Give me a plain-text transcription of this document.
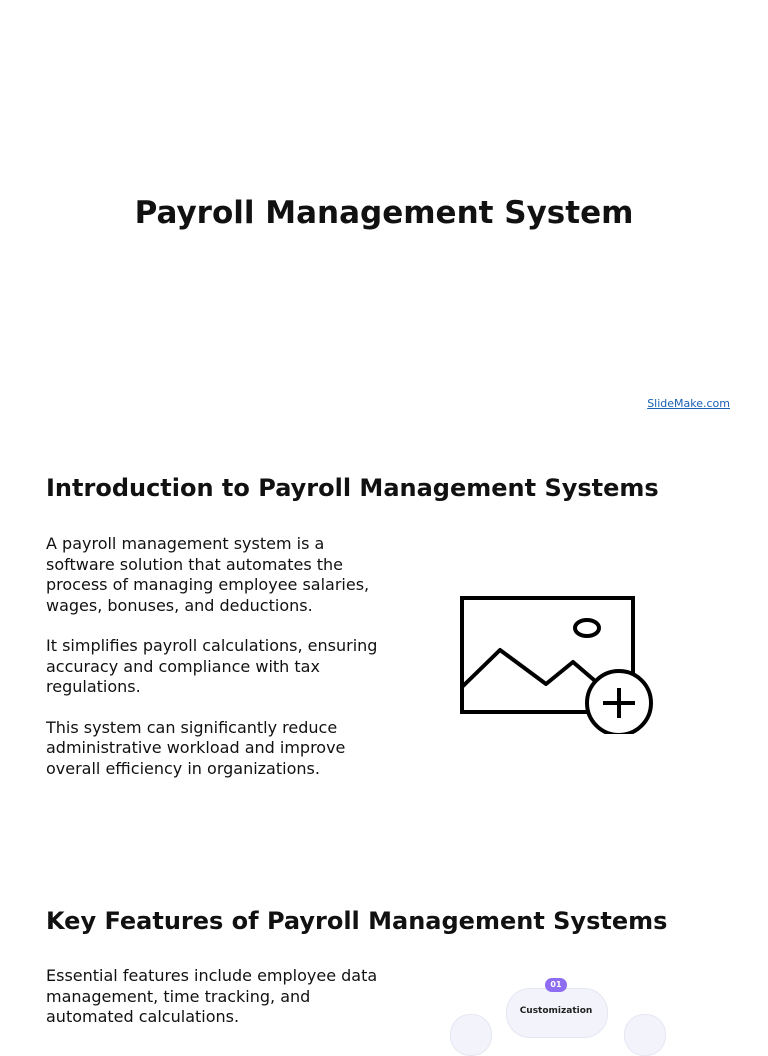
Payroll Management System
SlideMake.com
Introduction to Payroll Management Systems

A payroll management system is a software solution that automates the process of managing employee salaries, wages, bonuses, and deductions.

It simplifies payroll calculations, ensuring accuracy and compliance with tax regulations.

This system can significantly reduce administrative workload and improve overall efficiency in organizations.

Key Features of Payroll Management Systems

Essential features include employee data management, time tracking, and automated calculations.

01
Customization
